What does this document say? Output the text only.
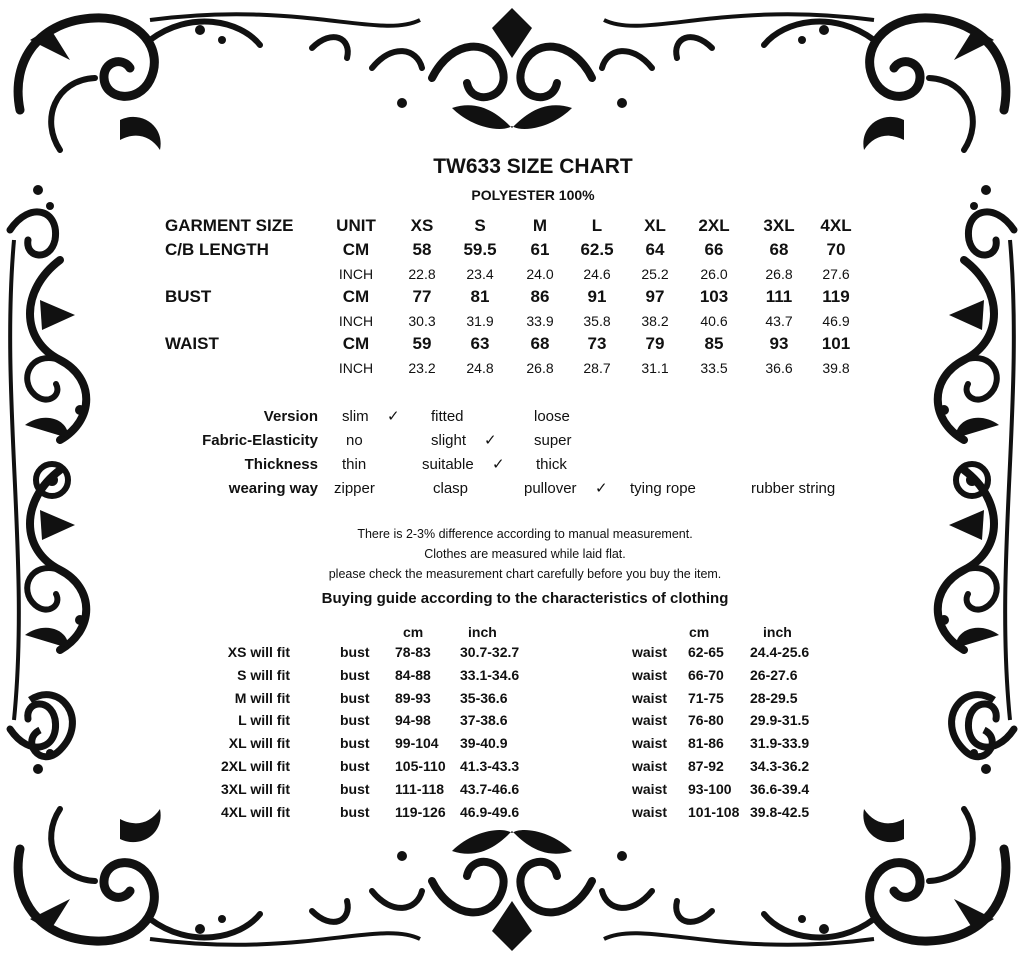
TW633 SIZE CHART
POLYESTER 100%
GARMENT SIZE	UNIT XS S	M	L XL 2XL 3XL 4XL
C/B LENGTH	CM	58 59.5 61 62.5 64 66	68 70
INCH	22.8 23.4 24.0 24.6 25.2 26.0	26.8 27.6
BUST	CM	77 81 86 91 97 103 111 119
INCH	30.3 31.9 33.9 35.8 38.2 40.6	43.7 46.9
WAIST	CM	59 63 68 73 79 85	93 101
INCH	23.2 24.8 26.8 28.7 31.1 33.5	36.6 39.8
Version slim ✓ fitted	loose
Fabric-Elasticity no	slight ✓ super
Thickness thin	suitable ✓ thick
wearing way zipper	clasp	pullover ✓ tying rope	rubber string
There is 2-3% difference according to manual measurement.
Clothes are measured while laid flat.
please check the measurement chart carefully before you buy the item.
Buying guide according to the characteristics of clothing
cm	inch	cm	inch
XS will fit	bust 78-83	30.7-32.7	waist 62-65 24.4-25.6
S will fit	bust 84-88	33.1-34.6	waist 66-70 26-27.6
M will fit	bust 89-93	35-36.6	waist 71-75 28-29.5
L will fit	bust 94-98	37-38.6	waist 76-80 29.9-31.5
XL will fit	bust 99-104	39-40.9	waist 81-86 31.9-33.9
2XL will fit	bust 105-110	41.3-43.3	waist 87-92 34.3-36.2
3XL will fit	bust 111-118	43.7-46.6	waist 93-100 36.6-39.4
4XL will fit	bust 119-126	46.9-49.6	waist 101-108 39.8-42.5
